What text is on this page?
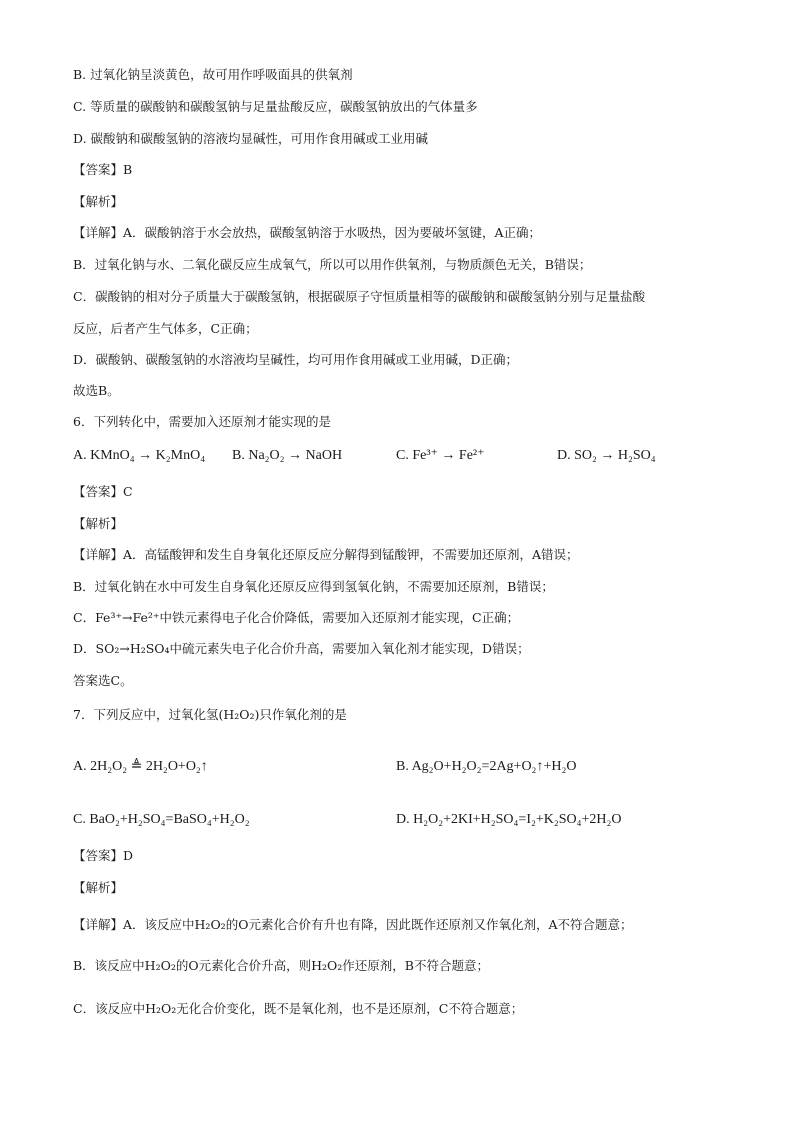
B. 过氧化钠呈淡黄色，故可用作呼吸面具的供氧剂
C. 等质量的碳酸钠和碳酸氢钠与足量盐酸反应，碳酸氢钠放出的气体量多
D. 碳酸钠和碳酸氢钠的溶液均显碱性，可用作食用碱或工业用碱
【答案】B
【解析】
【详解】A．碳酸钠溶于水会放热，碳酸氢钠溶于水吸热，因为要破坏氢键，A正确；
B．过氧化钠与水、二氧化碳反应生成氧气，所以可以用作供氧剂，与物质颜色无关，B错误；
C．碳酸钠的相对分子质量大于碳酸氢钠，根据碳原子守恒质量相等的碳酸钠和碳酸氢钠分别与足量盐酸
反应，后者产生气体多，C正确；
D．碳酸钠、碳酸氢钠的水溶液均呈碱性，均可用作食用碱或工业用碱，D正确；
故选B。
6．下列转化中，需要加入还原剂才能实现的是
A. KMnO₄ → K₂MnO₄ B. Na₂O₂ → NaOH	C. Fe³⁺ → Fe²⁺	D. SO₂ → H₂SO₄
【答案】C
【解析】
【详解】A．高锰酸钾和发生自身氧化还原反应分解得到锰酸钾，不需要加还原剂，A错误；
B．过氧化钠在水中可发生自身氧化还原反应得到氢氧化钠，不需要加还原剂，B错误；
C．Fe³⁺→Fe²⁺中铁元素得电子化合价降低，需要加入还原剂才能实现，C正确；
D．SO₂→H₂SO₄中硫元素失电子化合价升高，需要加入氧化剂才能实现，D错误；
答案选C。
7．下列反应中，过氧化氢(H₂O₂)只作氧化剂的是
A. 2H₂O₂ ≜ 2H₂O+O₂↑	B. Ag₂O+H₂O₂=2Ag+O₂↑+H₂O
C. BaO₂+H₂SO₄=BaSO₄+H₂O₂	D. H₂O₂+2KI+H₂SO₄=I₂+K₂SO₄+2H₂O
【答案】D
【解析】
【详解】A．该反应中H₂O₂的O元素化合价有升也有降，因此既作还原剂又作氧化剂，A不符合题意；
B．该反应中H₂O₂的O元素化合价升高，则H₂O₂作还原剂，B不符合题意；
C．该反应中H₂O₂无化合价变化，既不是氧化剂，也不是还原剂，C不符合题意；
